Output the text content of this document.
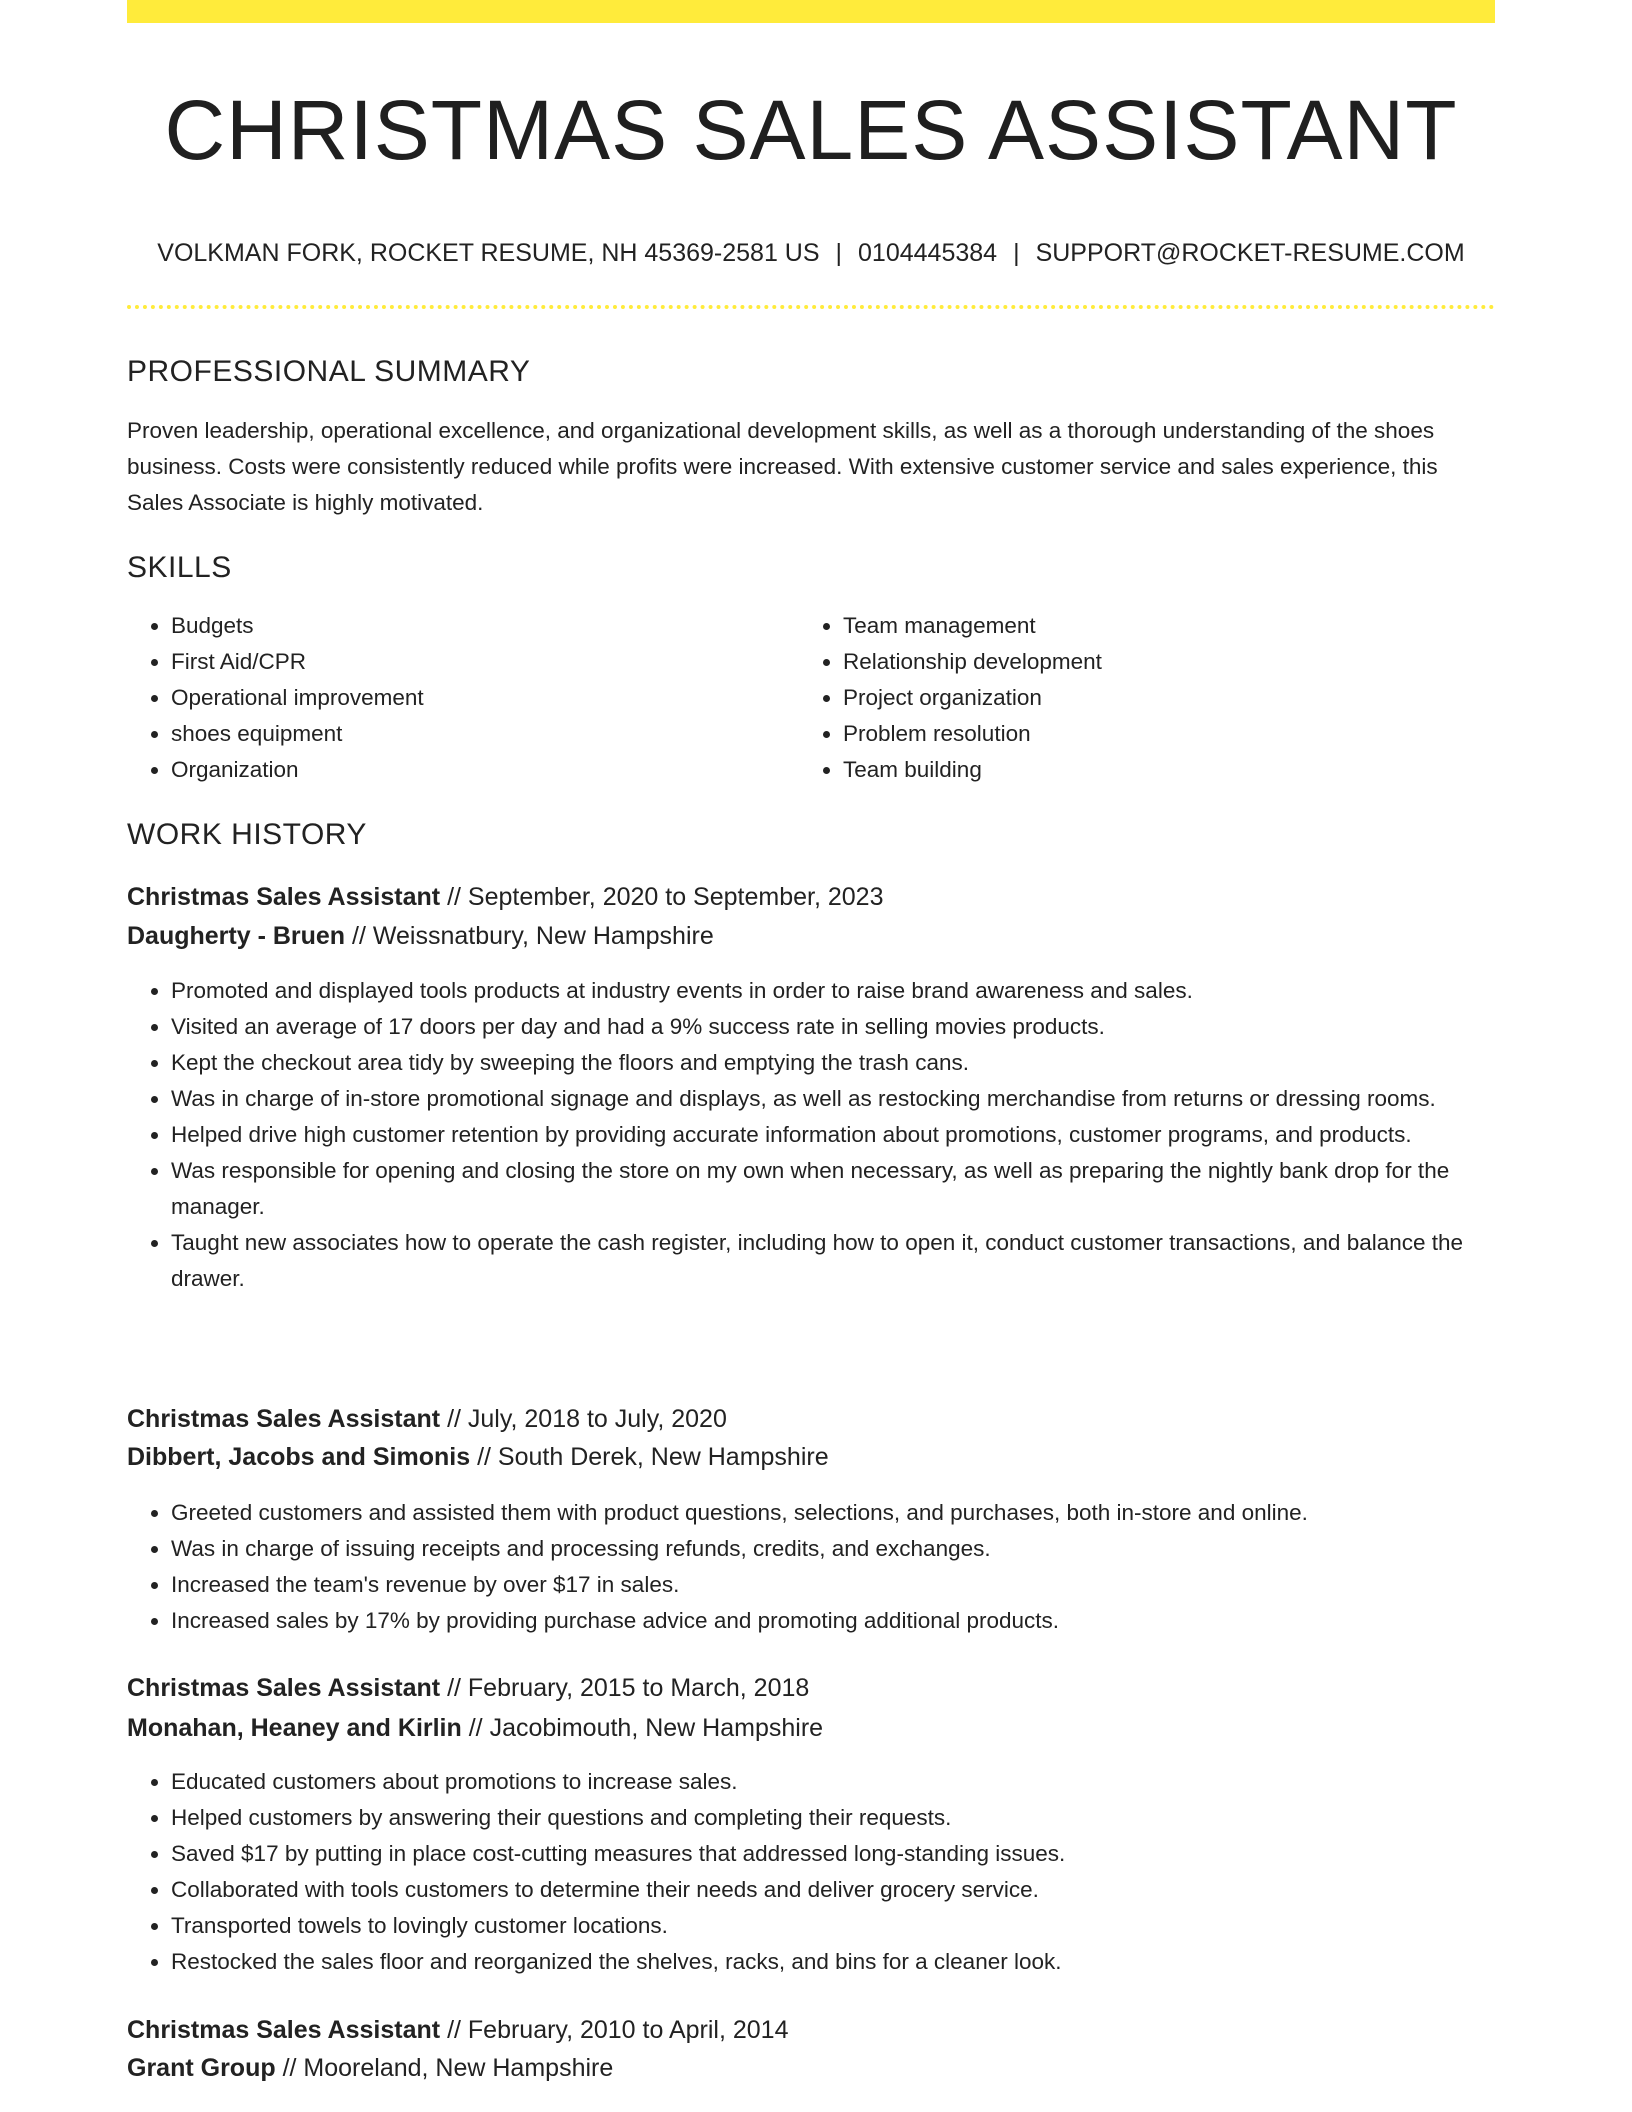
CHRISTMAS SALES ASSISTANT
VOLKMAN FORK, ROCKET RESUME, NH 45369-2581 US | 0104445384 | SUPPORT@ROCKET-RESUME.COM
PROFESSIONAL SUMMARY
Proven leadership, operational excellence, and organizational development skills, as well as a thorough understanding of the shoes business. Costs were consistently reduced while profits were increased. With extensive customer service and sales experience, this Sales Associate is highly motivated.
SKILLS
• Budgets
• First Aid/CPR
• Operational improvement
• shoes equipment
• Organization
• Team management
• Relationship development
• Project organization
• Problem resolution
• Team building
WORK HISTORY
Christmas Sales Assistant // September, 2020 to September, 2023
Daugherty - Bruen // Weissnatbury, New Hampshire
• Promoted and displayed tools products at industry events in order to raise brand awareness and sales.
• Visited an average of 17 doors per day and had a 9% success rate in selling movies products.
• Kept the checkout area tidy by sweeping the floors and emptying the trash cans.
• Was in charge of in-store promotional signage and displays, as well as restocking merchandise from returns or dressing rooms.
• Helped drive high customer retention by providing accurate information about promotions, customer programs, and products.
• Was responsible for opening and closing the store on my own when necessary, as well as preparing the nightly bank drop for the manager.
• Taught new associates how to operate the cash register, including how to open it, conduct customer transactions, and balance the drawer.
Christmas Sales Assistant // July, 2018 to July, 2020
Dibbert, Jacobs and Simonis // South Derek, New Hampshire
• Greeted customers and assisted them with product questions, selections, and purchases, both in-store and online.
• Was in charge of issuing receipts and processing refunds, credits, and exchanges.
• Increased the team's revenue by over $17 in sales.
• Increased sales by 17% by providing purchase advice and promoting additional products.
Christmas Sales Assistant // February, 2015 to March, 2018
Monahan, Heaney and Kirlin // Jacobimouth, New Hampshire
• Educated customers about promotions to increase sales.
• Helped customers by answering their questions and completing their requests.
• Saved $17 by putting in place cost-cutting measures that addressed long-standing issues.
• Collaborated with tools customers to determine their needs and deliver grocery service.
• Transported towels to lovingly customer locations.
• Restocked the sales floor and reorganized the shelves, racks, and bins for a cleaner look.
Christmas Sales Assistant // February, 2010 to April, 2014
Grant Group // Mooreland, New Hampshire
